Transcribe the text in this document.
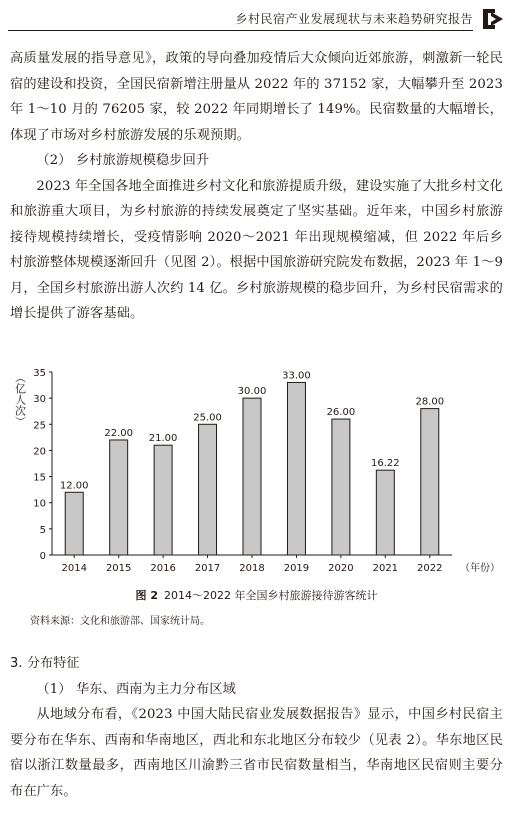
乡村民宿产业发展现状与未来趋势研究报告

高质量发展的指导意见》，政策的导向叠加疫情后大众倾向近郊旅游，刺激新一轮民宿的建设和投资，全国民宿新增注册量从 2022 年的 37152 家，大幅攀升至 2023 年 1～10 月的 76205 家，较 2022 年同期增长了 149%。民宿数量的大幅增长，体现了市场对乡村旅游发展的乐观预期。

（2） 乡村旅游规模稳步回升

2023 年全国各地全面推进乡村文化和旅游提质升级，建设实施了大批乡村文化和旅游重大项目，为乡村旅游的持续发展奠定了坚实基础。近年来，中国乡村旅游接待规模持续增长，受疫情影响 2020～2021 年出现规模缩减，但 2022 年后乡村旅游整体规模逐渐回升（见图 2）。根据中国旅游研究院发布数据，2023 年 1～9 月，全国乡村旅游出游人次约 14 亿。乡村旅游规模的稳步回升，为乡村民宿需求的增长提供了游客基础。

（亿人次）
0
5
10
15
20
25
30
35
12.00
2014
22.00
2015
21.00
2016
25.00
2017
30.00
2018
33.00
2019
26.00
2020
16.22
2021
28.00
2022 （年份）
图 2 2014～2022 年全国乡村旅游接待游客统计
资料来源：文化和旅游部、国家统计局。

3. 分布特征

（1） 华东、西南为主力分布区域

从地域分布看，《2023 中国大陆民宿业发展数据报告》显示，中国乡村民宿主要分布在华东、西南和华南地区，西北和东北地区分布较少（见表 2）。华东地区民宿以浙江数量最多，西南地区川渝黔三省市民宿数量相当，华南地区民宿则主要分布在广东。
